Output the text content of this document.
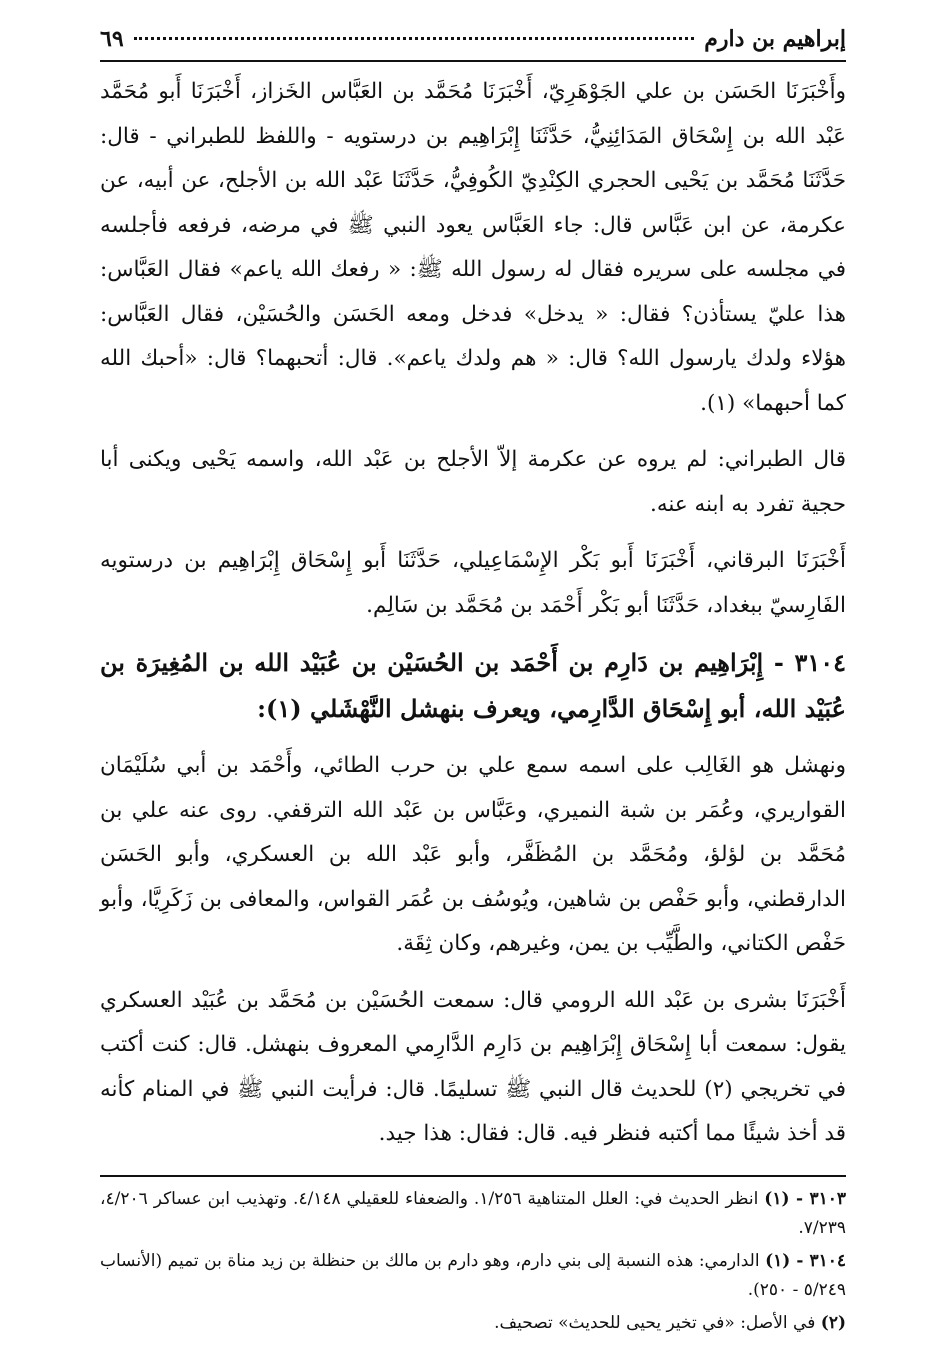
إبراهيم بن دارم
٦٩

وأَخْبَرَنَا الحَسَن بن علي الجَوْهَرِيّ، أَخْبَرَنَا مُحَمَّد بن العَبَّاس الخَزاز، أَخْبَرَنَا أَبو مُحَمَّد عَبْد الله بن إِسْحَاق المَدَائِنِيُّ، حَدَّثَنَا إِبْرَاهِيم بن درستويه - واللفظ للطبراني - قال: حَدَّثَنَا مُحَمَّد بن يَحْيى الحجري الكِنْدِيّ الكُوفِيُّ، حَدَّثَنَا عَبْد الله بن الأجلح، عن أبيه، عن عكرمة، عن ابن عَبَّاس قال: جاء العَبَّاس يعود النبي ﷺ في مرضه، فرفعه فأجلسه في مجلسه على سريره فقال له رسول الله ﷺ: « رفعك الله ياعم» فقال العَبَّاس: هذا عليّ يستأذن؟ فقال: « يدخل» فدخل ومعه الحَسَن والحُسَيْن، فقال العَبَّاس: هؤلاء ولدك يارسول الله؟ قال: « هم ولدك ياعم». قال: أتحبهما؟ قال: «أحبك الله كما أحبهما» (١).

قال الطبراني: لم يروه عن عكرمة إلاّ الأجلح بن عَبْد الله، واسمه يَحْيى ويكنى أبا حجية تفرد به ابنه عنه.

أَخْبَرَنَا البرقاني، أَخْبَرَنَا أَبو بَكْر الإِسْمَاعِيلي، حَدَّثَنَا أَبو إِسْحَاق إِبْرَاهِيم بن درستويه الفَارِسيّ ببغداد، حَدَّثَنَا أبو بَكْر أَحْمَد بن مُحَمَّد بن سَالِم.

٣١٠٤ - إِبْرَاهِيم بن دَارِم بن أَحْمَد بن الحُسَيْن بن عُبَيْد الله بن المُغِيرَة بن عُبَيْد الله، أبو إِسْحَاق الدَّارِمي، ويعرف بنهشل النَّهْشَلي (١):

ونهشل هو الغَالِب على اسمه سمع علي بن حرب الطائي، وأَحْمَد بن أبي سُلَيْمَان القواريري، وعُمَر بن شبة النميري، وعَبَّاس بن عَبْد الله الترقفي. روى عنه علي بن مُحَمَّد بن لؤلؤ، ومُحَمَّد بن المُظَفَّر، وأبو عَبْد الله بن العسكري، وأبو الحَسَن الدارقطني، وأبو حَفْص بن شاهين، ويُوسُف بن عُمَر القواس، والمعافى بن زَكَرِيَّا، وأبو حَفْص الكتاني، والطَّيِّب بن يمن، وغيرهم، وكان ثِقَة.

أَخْبَرَنَا بشرى بن عَبْد الله الرومي قال: سمعت الحُسَيْن بن مُحَمَّد بن عُبَيْد العسكري يقول: سمعت أبا إِسْحَاق إِبْرَاهِيم بن دَارِم الدَّارِمي المعروف بنهشل. قال: كنت أكتب في تخريجي (٢) للحديث قال النبي ﷺ تسليمًا. قال: فرأيت النبي ﷺ في المنام كأنه قد أخذ شيئًا مما أكتبه فنظر فيه. قال: فقال: هذا جيد.

٣١٠٣ - (١) انظر الحديث في: العلل المتناهية ١/٢٥٦. والضعفاء للعقيلي ٤/١٤٨. وتهذيب ابن عساكر ٤/٢٠٦، ٧/٢٣٩.

٣١٠٤ - (١) الدارمي: هذه النسبة إلى بني دارم، وهو دارم بن مالك بن حنظلة بن زيد مناة بن تميم (الأنساب ٥/٢٤٩ - ٢٥٠).

(٢) في الأصل: «في تخير يحيى للحديث» تصحيف.
